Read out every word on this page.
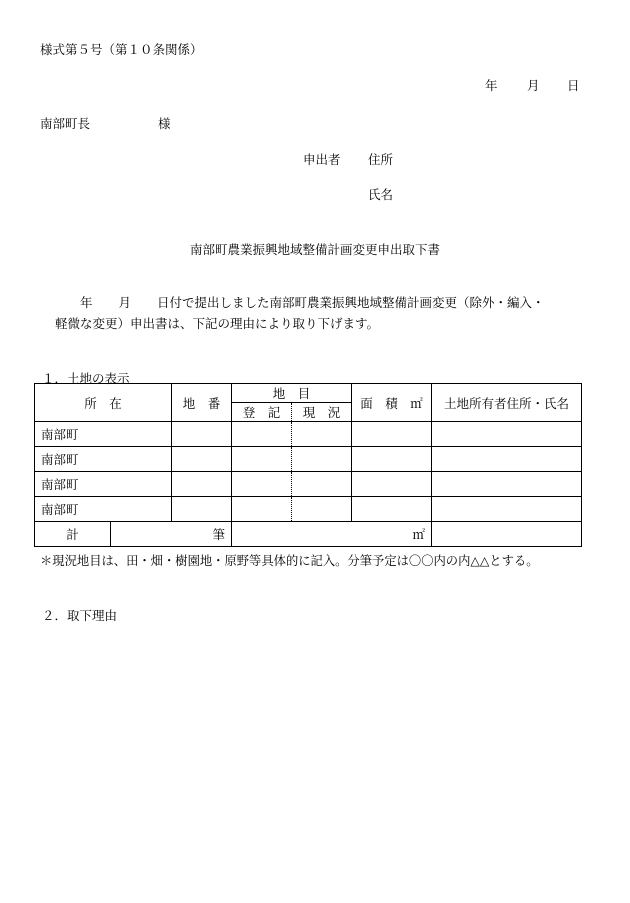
様式第５号（第１０条関係）
年 月 日
南部町長	様
申出者 住所
氏名
南部町農業振興地域整備計画変更申出取下書
年 月 日付で提出しました南部町農業振興地域整備計画変更（除外・編入・
軽微な変更）申出書は、下記の理由により取り下げます。
１．土地の表示
所　在		地　番	地　目		面　積　㎡	土地所有者住所・氏名
			登　記	現　況		
南部町						
南部町						
南部町						
南部町						
計	筆		㎡			
＊現況地目は、田・畑・樹園地・原野等具体的に記入。分筆予定は〇〇内の内△△とする。
２．取下理由
